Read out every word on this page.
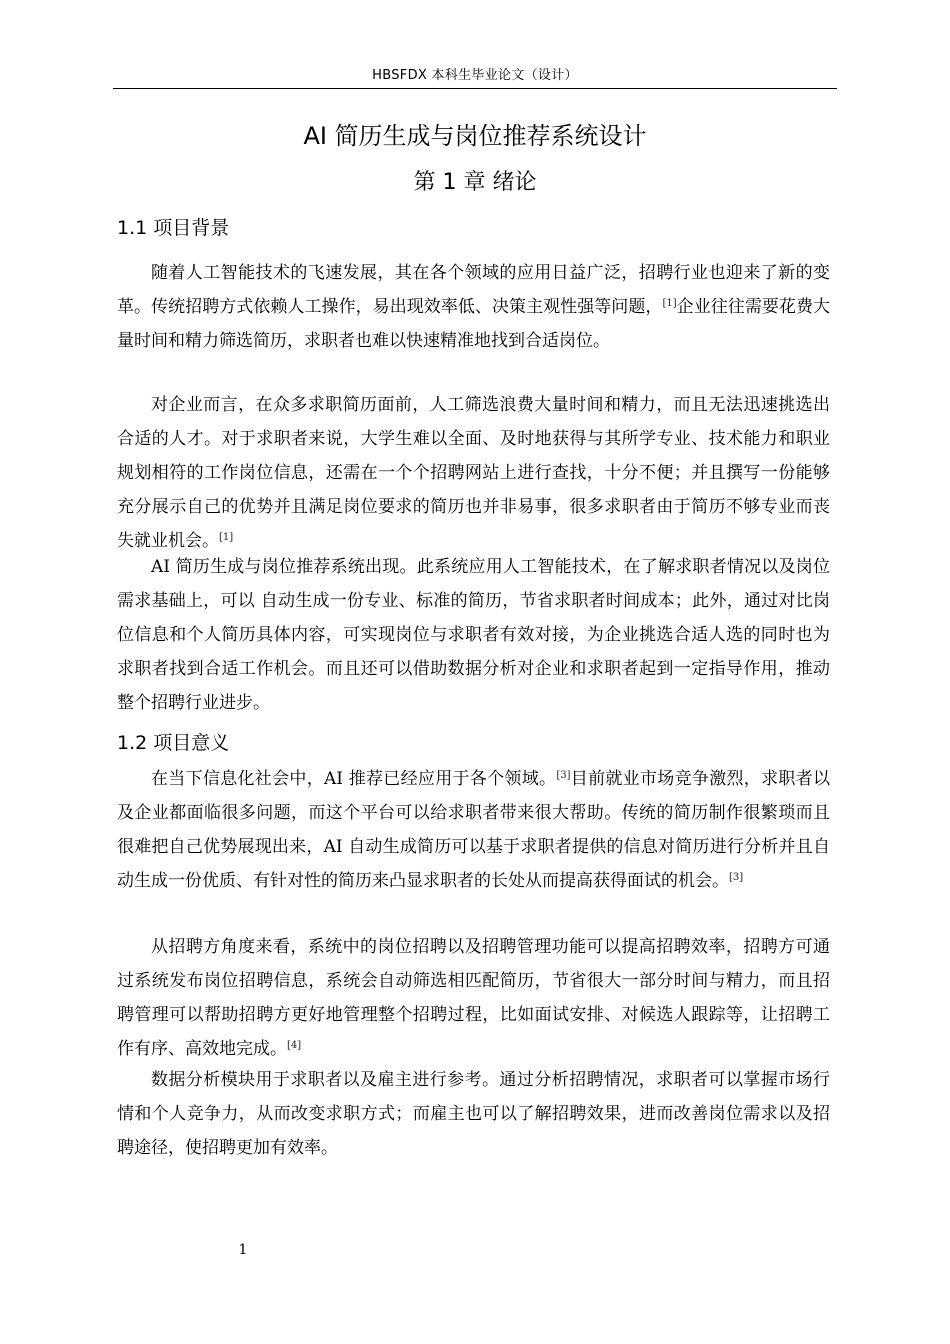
HBSFDX 本科生毕业论文（设计）
AI 简历生成与岗位推荐系统设计
第 1 章 绪论
1.1 项目背景

随着人工智能技术的飞速发展，其在各个领域的应用日益广泛，招聘行业也迎来了新的变革。传统招聘方式依赖人工操作，易出现效率低、决策主观性强等问题，[1]企业往往需要花费大量时间和精力筛选简历，求职者也难以快速精准地找到合适岗位。

对企业而言，在众多求职简历面前，人工筛选浪费大量时间和精力，而且无法迅速挑选出合适的人才。对于求职者来说，大学生难以全面、及时地获得与其所学专业、技术能力和职业规划相符的工作岗位信息，还需在一个个招聘网站上进行查找，十分不便；并且撰写一份能够充分展示自己的优势并且满足岗位要求的简历也并非易事，很多求职者由于简历不够专业而丧失就业机会。[1]

AI 简历生成与岗位推荐系统出现。此系统应用人工智能技术，在了解求职者情况以及岗位需求基础上，可以 自动生成一份专业、标准的简历，节省求职者时间成本；此外，通过对比岗位信息和个人简历具体内容，可实现岗位与求职者有效对接，为企业挑选合适人选的同时也为求职者找到合适工作机会。而且还可以借助数据分析对企业和求职者起到一定指导作用，推动整个招聘行业进步。

1.2 项目意义

在当下信息化社会中，AI 推荐已经应用于各个领域。[3]目前就业市场竞争激烈，求职者以及企业都面临很多问题，而这个平台可以给求职者带来很大帮助。传统的简历制作很繁琐而且很难把自己优势展现出来，AI 自动生成简历可以基于求职者提供的信息对简历进行分析并且自动生成一份优质、有针对性的简历来凸显求职者的长处从而提高获得面试的机会。[3]

从招聘方角度来看，系统中的岗位招聘以及招聘管理功能可以提高招聘效率，招聘方可通过系统发布岗位招聘信息，系统会自动筛选相匹配简历，节省很大一部分时间与精力，而且招聘管理可以帮助招聘方更好地管理整个招聘过程，比如面试安排、对候选人跟踪等，让招聘工作有序、高效地完成。[4]

数据分析模块用于求职者以及雇主进行参考。通过分析招聘情况，求职者可以掌握市场行情和个人竞争力，从而改变求职方式；而雇主也可以了解招聘效果，进而改善岗位需求以及招聘途径，使招聘更加有效率。

1
